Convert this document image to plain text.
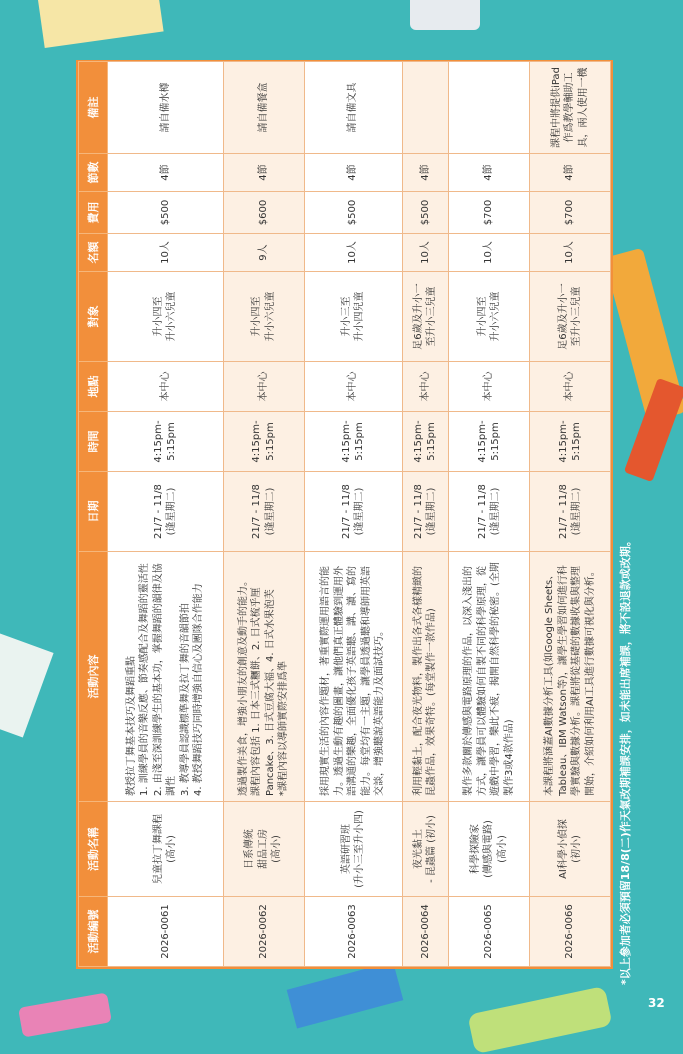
活動編號	活動名稱	活動內容	日期	時間	地點	對象	名額	費用	節數	備註
2026-0061	兒童拉丁舞課程 (高小)	教授拉丁舞基本技巧及舞蹈重點 1. 訓練學員的音樂反應、節奏感配合及舞蹈的靈活性 2. 由淺至深訓練學生的基本功，掌握舞蹈的韻律及協調性 3. 教導學員認識標準舞及拉丁舞的音韻節拍 4. 教授舞蹈技巧同時增強自信心及團隊合作能力	21/7 - 11/8 (逢星期二)	4:15pm- 5:15pm	本中心	升小四至 升小六兒童	10人	$500	4節	請自備水樽
2026-0062	日系傳統 甜品工房 (高小)	透過製作美食，增強小朋友的創意及動手的能力。 課程內容包括 1. 日本三式糰餅、2. 日式梳乎厘 Pancake、3. 日式豆腐大福、4. 日式水果泡芙 *課程內容以導師實際安排爲準	21/7 - 11/8 (逢星期二)	4:15pm- 5:15pm	本中心	升小四至 升小六兒童	9人	$600	4節	請自備餐盒
2026-0063	英語研習班 (升小三至升小四)	採用現實生活的內容作題材，著重實際運用語言的能力。透過生動有趣的圖畫，讓他們真正體驗到運用外語溝通的樂趣，全面優化孩子英語聽、講、讀、寫的能力。每堂均有一主題，讓學員透過聽和導師用英語交談，增強聽說英語能力及面試技巧。	21/7 - 11/8 (逢星期二)	4:15pm- 5:15pm	本中心	升小三至 升小四兒童	10人	$500	4節	請自備文具
2026-0064	夜光黏土 - 昆蟲篇 (初小)	利用輕黏土，配合夜光物料，製作出各式各樣精緻的昆蟲作品，效果奇特。(每堂製作一款作品)	21/7 - 11/8 (逢星期二)	4:15pm- 5:15pm	本中心	足6歲及升小一 至升小三兒童	10人	$500	4節	
2026-0065	科學探險家 (傳感與電路) (高小)	製作多款關於傳感與電路原理的作品，以深入淺出的方式，讓學員可以體驗如何自製不同的科學原理，從遊戲中學習，樂此不疲，揭開自然科學的秘密。(全期製作3或4款作品)	21/7 - 11/8 (逢星期二)	4:15pm- 5:15pm	本中心	升小四至 升小六兒童	10人	$700	4節	
2026-0066	AI科學小偵探 (初小)	本課程將涵蓋AI數據分析工具(如Google Sheets、Tableau、IBM Watson等)，讓學生學習如何進行科學實驗與數據分析。課程將從基礎的數據收集與整理開始，介紹如何利用AI工具進行數據可視化與分析。	21/7 - 11/8 (逢星期二)	4:15pm- 5:15pm	本中心	足6歲及升小一 至升小三兒童	10人	$700	4節	課程中將提供iPad作爲教學輔助工具，兩人使用一機
*以上參加者必須預留18/8(二)作天氣改期補課安排，如未能出席補課，將不設退款或改期。
32
